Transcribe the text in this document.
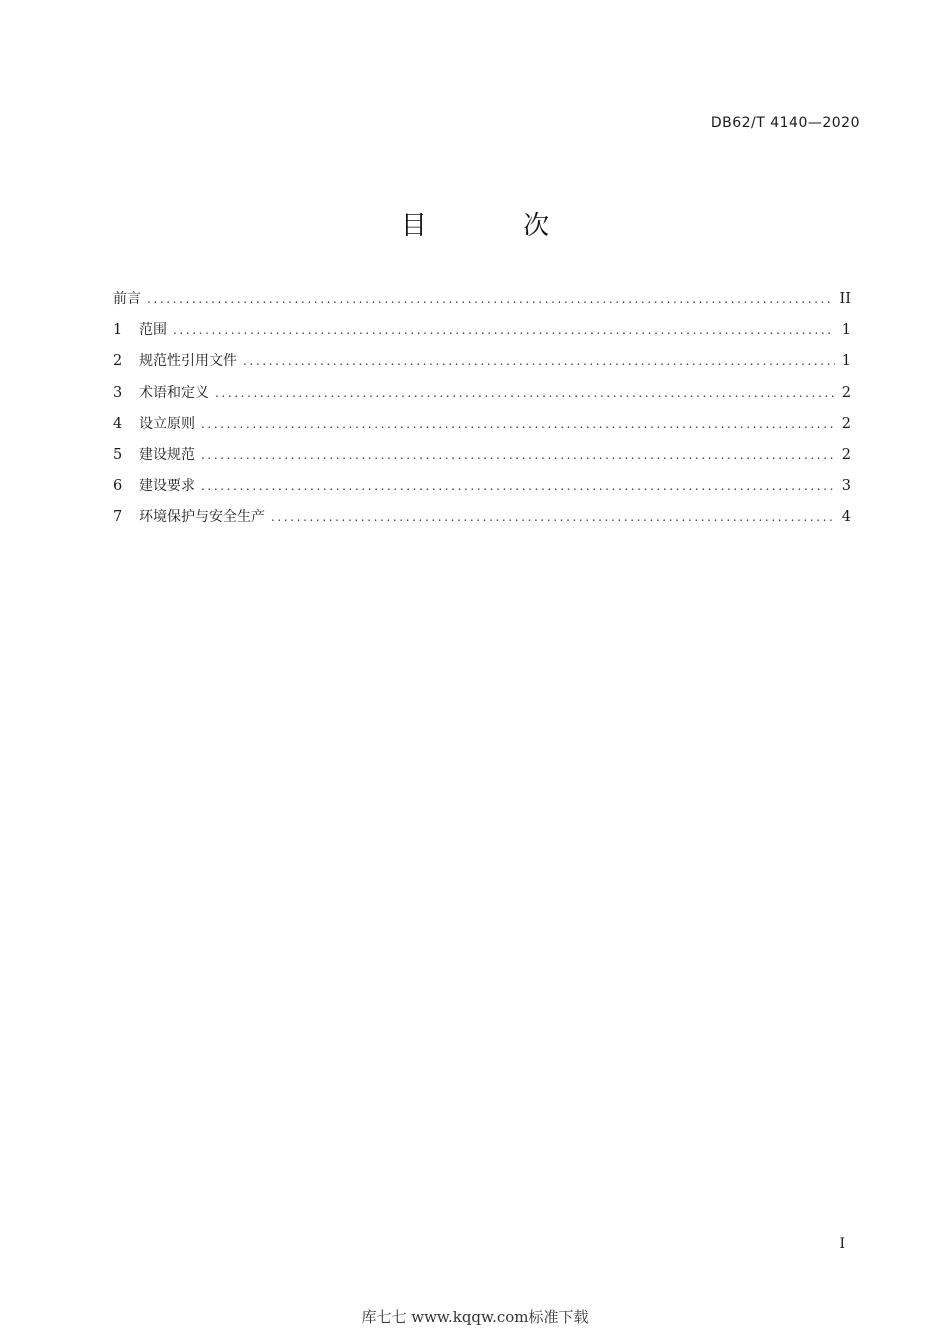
DB62/T 4140—2020
目 次
前言 .....	II
1	范围 .....	1
2	规范性引用文件 .....	1
3	术语和定义 .....	2
4	设立原则 .....	2
5	建设规范 .....	2
6	建设要求 .....	3
7	环境保护与安全生产 .....	4
I
库七七 www.kqqw.com标准下载
